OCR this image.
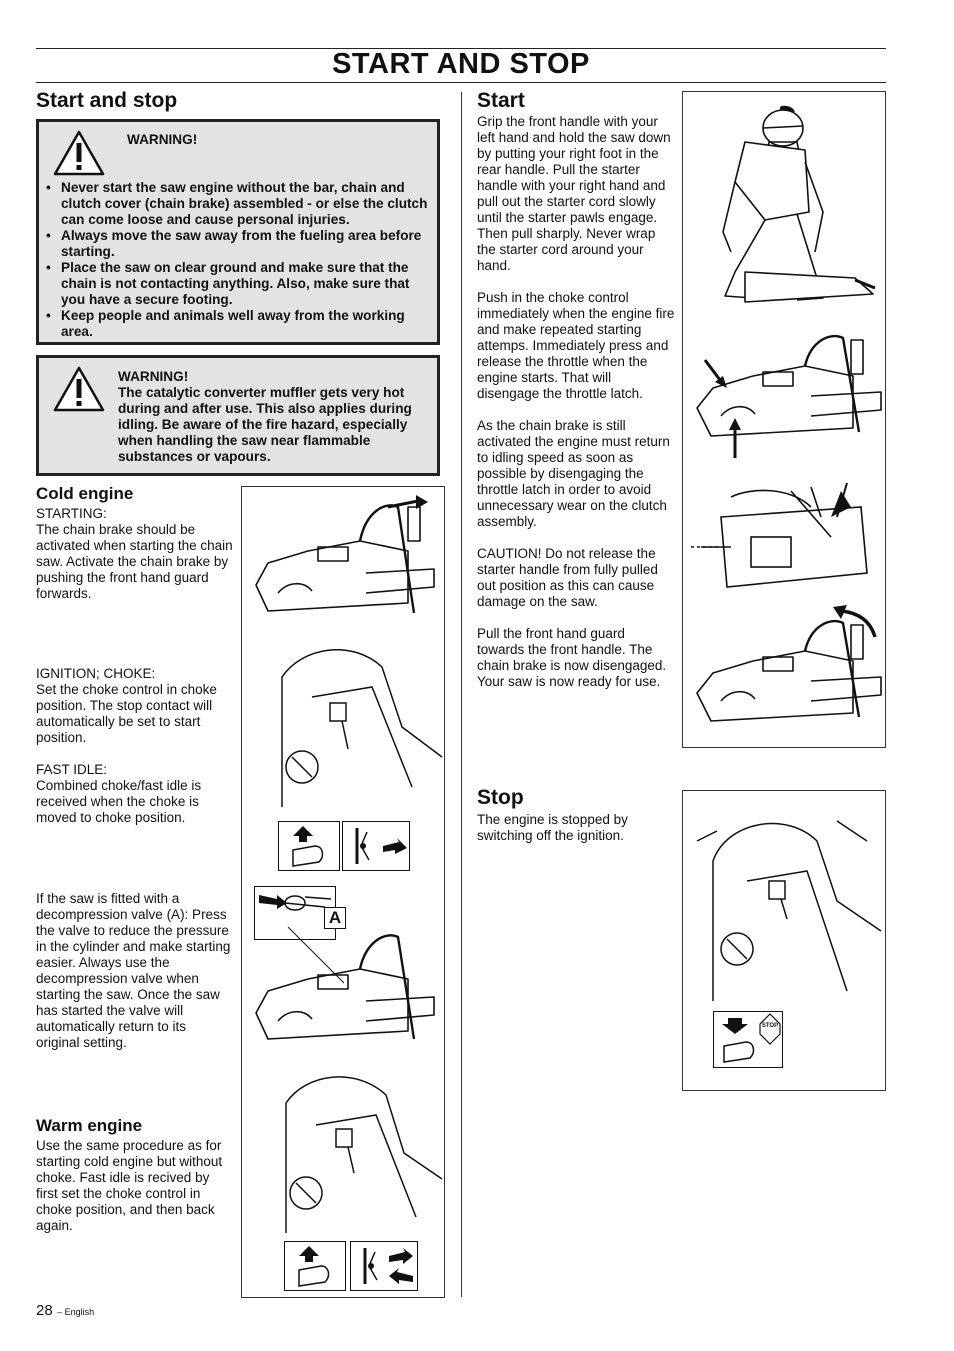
START AND STOP
Start and stop
WARNING!
• Never start the saw engine without the bar, chain and clutch cover (chain brake) assembled - or else the clutch can come loose and cause personal injuries.
• Always move the saw away from the fueling area before starting.
• Place the saw on clear ground and make sure that the chain is not contacting anything. Also, make sure that you have a secure footing.
• Keep people and animals well away from the working area.
WARNING!
The catalytic converter muffler gets very hot during and after use. This also applies during idling. Be aware of the fire hazard, especially when handling the saw near flammable substances or vapours.
Cold engine

STARTING:

The chain brake should be activated when starting the chain saw. Activate the chain brake by pushing the front hand guard forwards.

IGNITION; CHOKE:

Set the choke control in choke position. The stop contact will automatically be set to start position.

FAST IDLE:

Combined choke/fast idle is received when the choke is moved to choke position.

If the saw is fitted with a decompression valve (A): Press the valve to reduce the pressure in the cylinder and make starting easier. Always use the decompression valve when starting the saw. Once the saw has started the valve will automatically return to its original setting.
Warm engine
Use the same procedure as for starting cold engine but without choke. Fast idle is recived by first set the choke control in choke position, and then back again.
A
Start

Grip the front handle with your left hand and hold the saw down by putting your right foot in the rear handle. Pull the starter handle with your right hand and pull out the starter cord slowly until the starter pawls engage. Then pull sharply. Never wrap the starter cord around your hand.

Push in the choke control immediately when the engine fire and make repeated starting attemps. Immediately press and release the throttle when the engine starts. That will disengage the throttle latch.

As the chain brake is still activated the engine must return to idling speed as soon as possible by disengaging the throttle latch in order to avoid unnecessary wear on the clutch assembly.

CAUTION! Do not release the starter handle from fully pulled out position as this can cause damage on the saw.

Pull the front hand guard towards the front handle. The chain brake is now disengaged. Your saw is now ready for use.

Stop
The engine is stopped by switching off the ignition.
STOP
28 – English
